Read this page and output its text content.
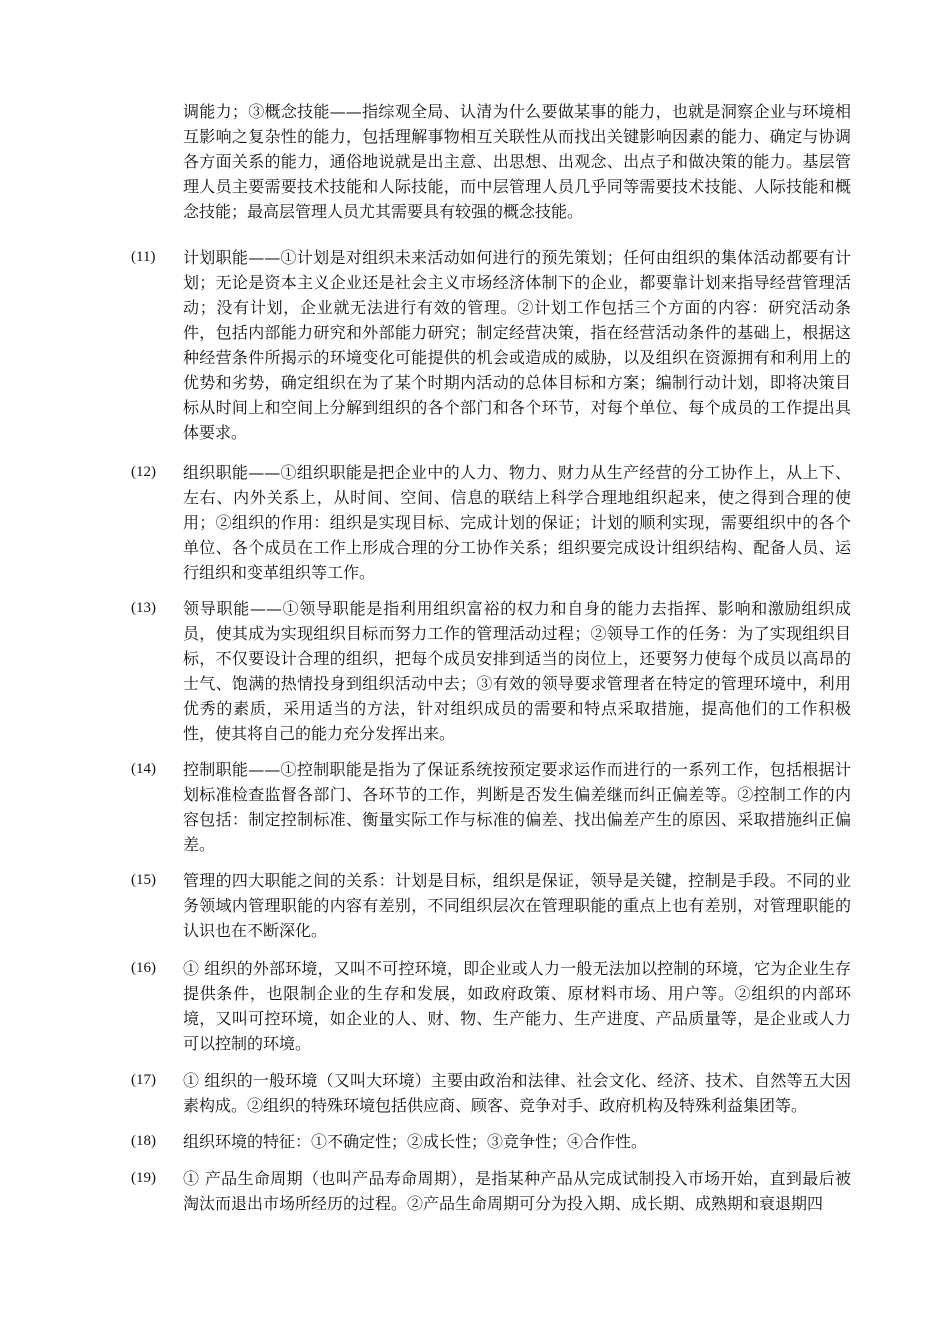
调能力；③概念技能——指综观全局、认清为什么要做某事的能力，也就是洞察企业与环境相互影响之复杂性的能力，包括理解事物相互关联性从而找出关键影响因素的能力、确定与协调各方面关系的能力，通俗地说就是出主意、出思想、出观念、出点子和做决策的能力。基层管理人员主要需要技术技能和人际技能，而中层管理人员几乎同等需要技术技能、人际技能和概念技能；最高层管理人员尤其需要具有较强的概念技能。

(11) 计划职能——①计划是对组织未来活动如何进行的预先策划；任何由组织的集体活动都要有计划；无论是资本主义企业还是社会主义市场经济体制下的企业，都要靠计划来指导经营管理活动；没有计划，企业就无法进行有效的管理。②计划工作包括三个方面的内容：研究活动条件，包括内部能力研究和外部能力研究；制定经营决策，指在经营活动条件的基础上，根据这种经营条件所揭示的环境变化可能提供的机会或造成的威胁，以及组织在资源拥有和利用上的优势和劣势，确定组织在为了某个时期内活动的总体目标和方案；编制行动计划，即将决策目标从时间上和空间上分解到组织的各个部门和各个环节，对每个单位、每个成员的工作提出具体要求。

(12) 组织职能——①组织职能是把企业中的人力、物力、财力从生产经营的分工协作上，从上下、左右、内外关系上，从时间、空间、信息的联结上科学合理地组织起来，使之得到合理的使用；②组织的作用：组织是实现目标、完成计划的保证；计划的顺利实现，需要组织中的各个单位、各个成员在工作上形成合理的分工协作关系；组织要完成设计组织结构、配备人员、运行组织和变革组织等工作。

(13) 领导职能——①领导职能是指利用组织富裕的权力和自身的能力去指挥、影响和激励组织成员，使其成为实现组织目标而努力工作的管理活动过程；②领导工作的任务：为了实现组织目标，不仅要设计合理的组织，把每个成员安排到适当的岗位上，还要努力使每个成员以高昂的士气、饱满的热情投身到组织活动中去；③有效的领导要求管理者在特定的管理环境中，利用优秀的素质，采用适当的方法，针对组织成员的需要和特点采取措施，提高他们的工作积极性，使其将自己的能力充分发挥出来。

(14) 控制职能——①控制职能是指为了保证系统按预定要求运作而进行的一系列工作，包括根据计划标准检查监督各部门、各环节的工作，判断是否发生偏差继而纠正偏差等。②控制工作的内容包括：制定控制标准、衡量实际工作与标准的偏差、找出偏差产生的原因、采取措施纠正偏差。

(15) 管理的四大职能之间的关系：计划是目标，组织是保证，领导是关键，控制是手段。不同的业务领域内管理职能的内容有差别，不同组织层次在管理职能的重点上也有差别，对管理职能的认识也在不断深化。

(16) ① 组织的外部环境，又叫不可控环境，即企业或人力一般无法加以控制的环境，它为企业生存提供条件，也限制企业的生存和发展，如政府政策、原材料市场、用户等。②组织的内部环境，又叫可控环境，如企业的人、财、物、生产能力、生产进度、产品质量等，是企业或人力可以控制的环境。

(17) ① 组织的一般环境（又叫大环境）主要由政治和法律、社会文化、经济、技术、自然等五大因素构成。②组织的特殊环境包括供应商、顾客、竞争对手、政府机构及特殊利益集团等。

(18) 组织环境的特征：①不确定性；②成长性；③竞争性；④合作性。

(19) ① 产品生命周期（也叫产品寿命周期），是指某种产品从完成试制投入市场开始，直到最后被淘汰而退出市场所经历的过程。②产品生命周期可分为投入期、成长期、成熟期和衰退期四
